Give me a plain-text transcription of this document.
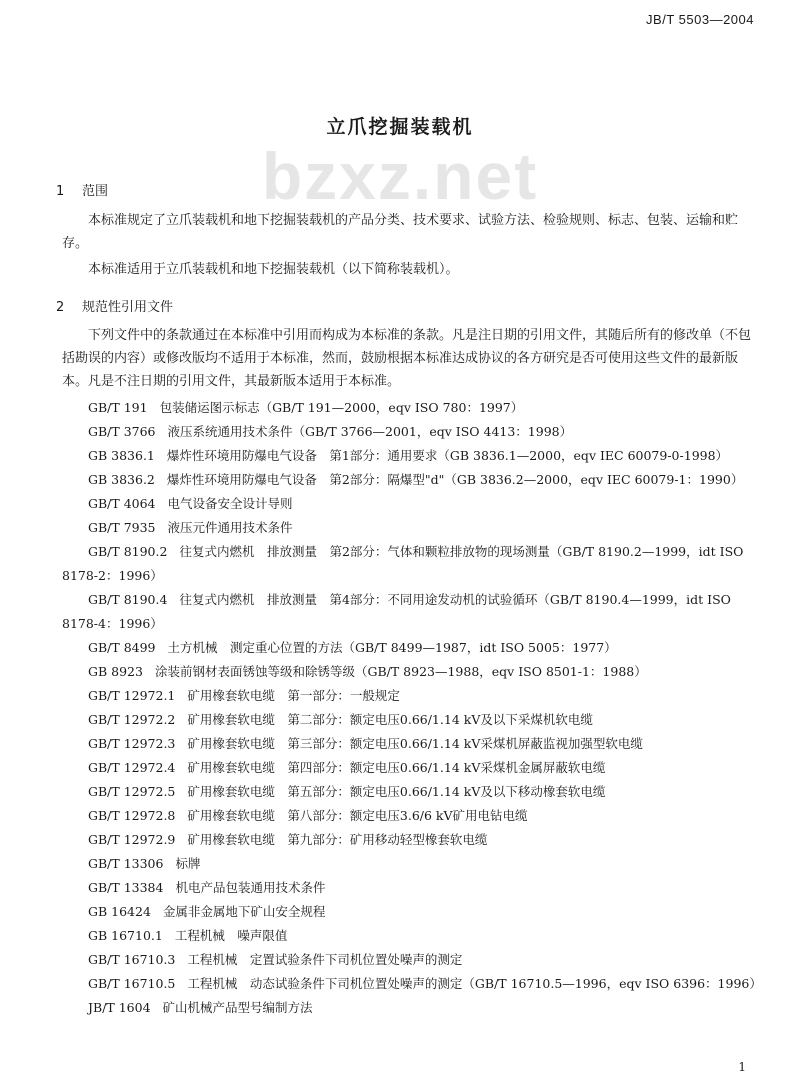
JB/T 5503—2004
bzxz.net
立爪挖掘装载机
1 范围
本标准规定了立爪装载机和地下挖掘装载机的产品分类、技术要求、试验方法、检验规则、标志、包装、运输和贮存。
本标准适用于立爪装载机和地下挖掘装载机（以下简称装载机）。
2 规范性引用文件
下列文件中的条款通过在本标准中引用而构成为本标准的条款。凡是注日期的引用文件，其随后所有的修改单（不包括勘误的内容）或修改版均不适用于本标准，然而，鼓励根据本标准达成协议的各方研究是否可使用这些文件的最新版本。凡是不注日期的引用文件，其最新版本适用于本标准。
GB/T 191 包装储运图示标志（GB/T 191—2000，eqv ISO 780：1997）
GB/T 3766 液压系统通用技术条件（GB/T 3766—2001，eqv ISO 4413：1998）
GB 3836.1 爆炸性环境用防爆电气设备　第1部分：通用要求（GB 3836.1—2000，eqv IEC 60079-0-1998）
GB 3836.2 爆炸性环境用防爆电气设备　第2部分：隔爆型"d"（GB 3836.2—2000，eqv IEC 60079-1：1990）
GB/T 4064 电气设备安全设计导则
GB/T 7935 液压元件通用技术条件
GB/T 8190.2 往复式内燃机　排放测量　第2部分：气体和颗粒排放物的现场测量（GB/T 8190.2—1999，idt ISO 8178-2：1996）
GB/T 8190.4 往复式内燃机　排放测量　第4部分：不同用途发动机的试验循环（GB/T 8190.4—1999，idt ISO 8178-4：1996）
GB/T 8499 土方机械　测定重心位置的方法（GB/T 8499—1987，idt ISO 5005：1977）
GB 8923 涂装前钢材表面锈蚀等级和除锈等级（GB/T 8923—1988，eqv ISO 8501-1：1988）
GB/T 12972.1 矿用橡套软电缆　第一部分：一般规定
GB/T 12972.2 矿用橡套软电缆　第二部分：额定电压0.66/1.14 kV及以下采煤机软电缆
GB/T 12972.3 矿用橡套软电缆　第三部分：额定电压0.66/1.14 kV采煤机屏蔽监视加强型软电缆
GB/T 12972.4 矿用橡套软电缆　第四部分：额定电压0.66/1.14 kV采煤机金属屏蔽软电缆
GB/T 12972.5 矿用橡套软电缆　第五部分：额定电压0.66/1.14 kV及以下移动橡套软电缆
GB/T 12972.8 矿用橡套软电缆　第八部分：额定电压3.6/6 kV矿用电钻电缆
GB/T 12972.9 矿用橡套软电缆　第九部分：矿用移动轻型橡套软电缆
GB/T 13306 标牌
GB/T 13384 机电产品包装通用技术条件
GB 16424 金属非金属地下矿山安全规程
GB 16710.1 工程机械　噪声限值
GB/T 16710.3 工程机械　定置试验条件下司机位置处噪声的测定
GB/T 16710.5 工程机械　动态试验条件下司机位置处噪声的测定（GB/T 16710.5—1996，eqv ISO 6396：1996）
JB/T 1604 矿山机械产品型号编制方法
1
